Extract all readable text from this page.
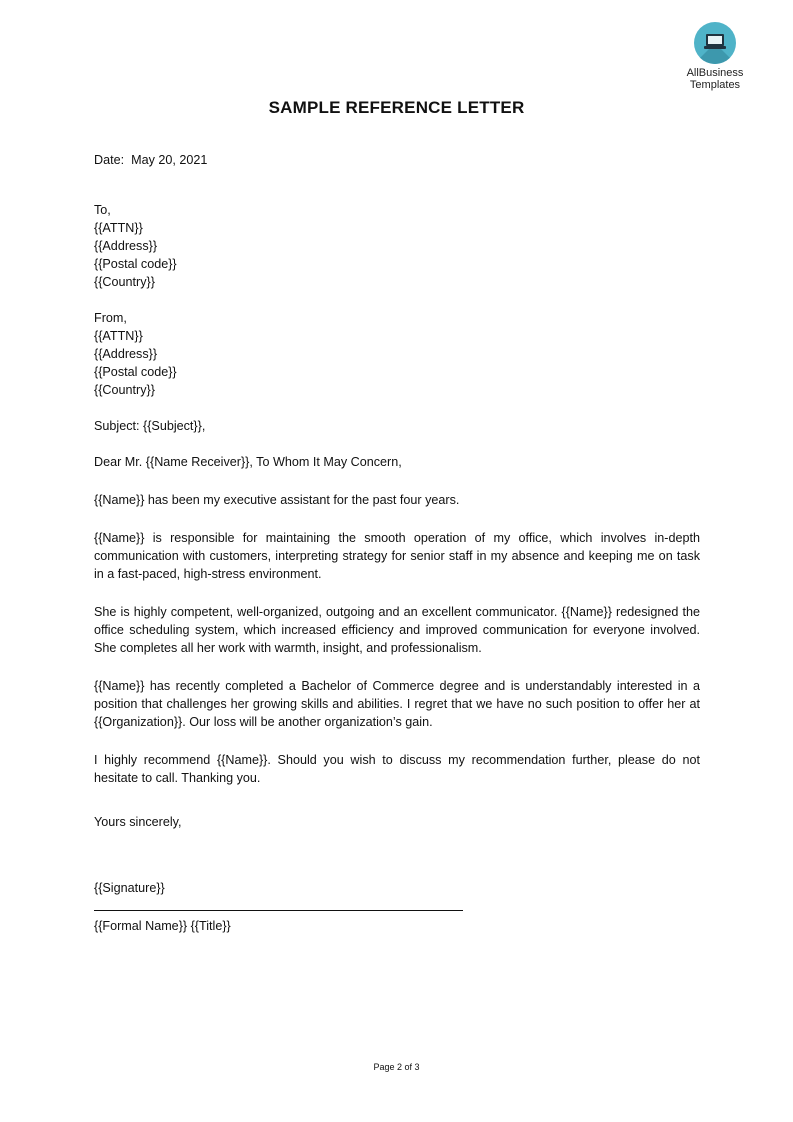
AllBusiness
Templates
SAMPLE REFERENCE LETTER
Date:  May 20, 2021
To,
{{ATTN}}
{{Address}}
{{Postal code}}
{{Country}}
From,
{{ATTN}}
{{Address}}
{{Postal code}}
{{Country}}
Subject: {{Subject}},
Dear Mr. {{Name Receiver}}, To Whom It May Concern,

{{Name}} has been my executive assistant for the past four years.

{{Name}} is responsible for maintaining the smooth operation of my office, which involves in-depth communication with customers, interpreting strategy for senior staff in my absence and keeping me on task in a fast-paced, high-stress environment.

She is highly competent, well-organized, outgoing and an excellent communicator. {{Name}} redesigned the office scheduling system, which increased efficiency and improved communication for everyone involved. She completes all her work with warmth, insight, and professionalism.

{{Name}} has recently completed a Bachelor of Commerce degree and is understandably interested in a position that challenges her growing skills and abilities. I regret that we have no such position to offer her at {{Organization}}. Our loss will be another organization’s gain.

I highly recommend {{Name}}. Should you wish to discuss my recommendation further, please do not hesitate to call. Thanking you.

Yours sincerely,
{{Signature}}
{{Formal Name}} {{Title}}
Page 2 of 3
